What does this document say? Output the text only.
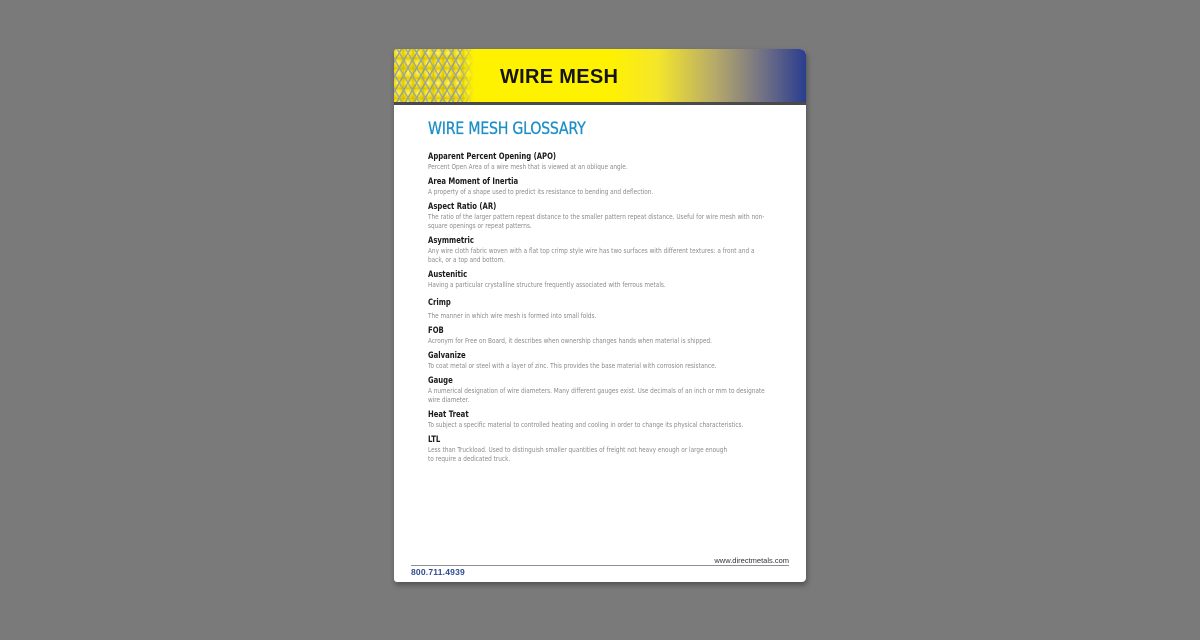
WIRE MESH
WIRE MESH GLOSSARY
Apparent Percent Opening (APO)
Percent Open Area of a wire mesh that is viewed at an oblique angle.
Area Moment of Inertia
A property of a shape used to predict its resistance to bending and deflection.
Aspect Ratio (AR)
The ratio of the larger pattern repeat distance to the smaller pattern repeat distance. Useful for wire mesh with non-square openings or repeat patterns.
Asymmetric
Any wire cloth fabric woven with a flat top crimp style wire has two surfaces with different textures: a front and a back, or a top and bottom.
Austenitic
Having a particular crystalline structure frequently associated with ferrous metals.
Crimp
The manner in which wire mesh is formed into small folds.
FOB
Acronym for Free on Board, it describes when ownership changes hands when material is shipped.
Galvanize
To coat metal or steel with a layer of zinc. This provides the base material with corrosion resistance.
Gauge
A numerical designation of wire diameters. Many different gauges exist. Use decimals of an inch or mm to designate wire diameter.
Heat Treat
To subject a specific material to controlled heating and cooling in order to change its physical characteristics.
LTL
Less than Truckload. Used to distinguish smaller quantities of freight not heavy enough or large enough to require a dedicated truck.
www.directmetals.com
800.711.4939
